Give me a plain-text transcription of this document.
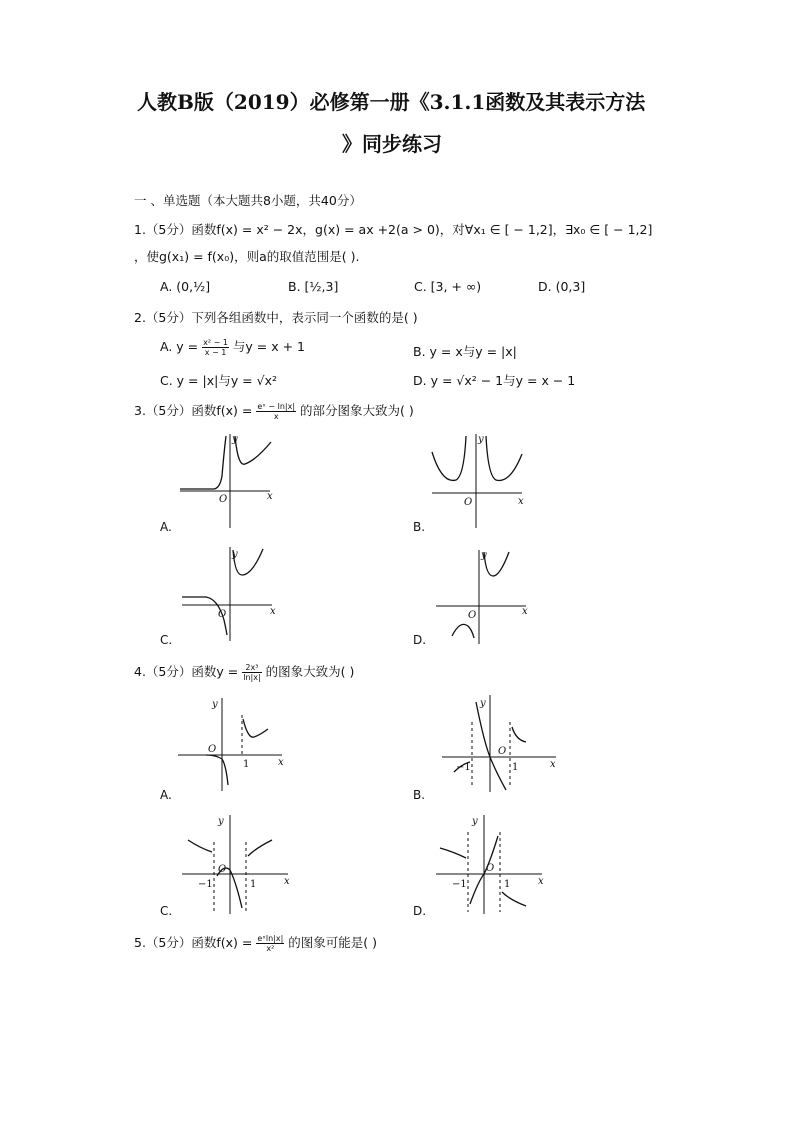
人教B版（2019）必修第一册《3.1.1函数及其表示方法
》同步练习
一 、单选题（本大题共8小题，共40分）
1.（5分）函数f(x) = x² − 2x，g(x) = ax +2(a > 0)，对∀x₁ ∈ [ − 1,2]，∃x₀ ∈ [ − 1,2]
，使g(x₁) = f(x₀)，则a的取值范围是( ).
A. (0,½]	B. [½,3]	C. [3, + ∞)	D. (0,3]
2.（5分）下列各组函数中，表示同一个函数的是( )
A. $y = \frac{\text{x² − 1}}{x - 1}$ 与y = x + 1	B. y = x与y = |x|
C. y = |x|与y = √x²	D. y = √x² − 1与y = x − 1
3.（5分）函数$f(x) = \frac{\text{eˣ − ln|x|}}{x}$ 的部分图象大致为( )
O	x
y
A.
O	x
y
B.
O	x
y
C.
O	x
y
D.
4.（5分）函数$y = \frac{\text{2x³}}{\ln|x|}$ 的图象大致为( )
O
1	x
y
A.
O
−1	1	x
y
B.
O
−1	1	x
y
C.
O
−1	1	x
y
D.
5.（5分）函数$f(x) = \frac{\text{eˣln|x|}}{\text{x²}}$ 的图象可能是( )
